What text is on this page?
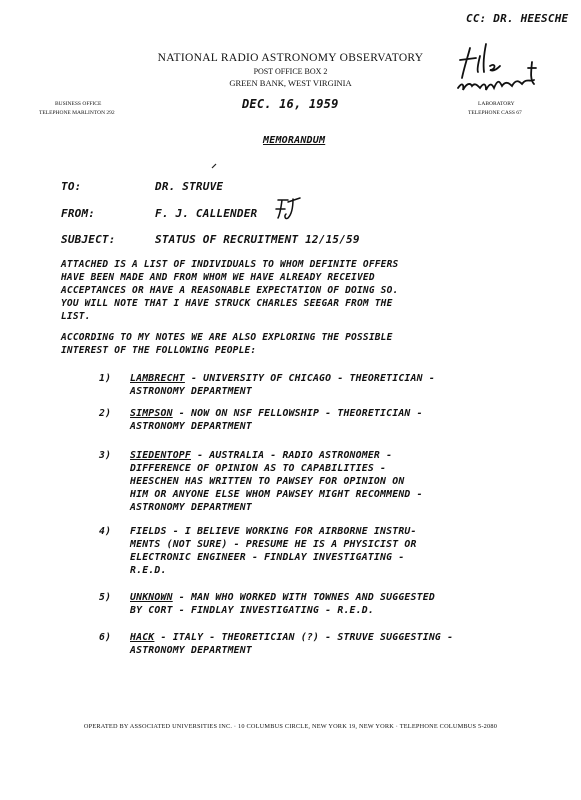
CC: DR. HEESCHE
NATIONAL RADIO ASTRONOMY OBSERVATORY
POST OFFICE BOX 2
GREEN BANK, WEST VIRGINIA
BUSINESS OFFICE
TELEPHONE MARLINTON 292
LABORATORY
TELEPHONE CASS 67
DEC. 16, 1959
MEMORANDUM
TO:	DR. STRUVE
FROM:	F. J. CALLENDER
SUBJECT:	STATUS OF RECRUITMENT 12/15/59
ATTACHED IS A LIST OF INDIVIDUALS TO WHOM DEFINITE OFFERS
HAVE BEEN MADE AND FROM WHOM WE HAVE ALREADY RECEIVED
ACCEPTANCES OR HAVE A REASONABLE EXPECTATION OF DOING SO.
YOU WILL NOTE THAT I HAVE STRUCK CHARLES SEEGAR FROM THE
LIST.
ACCORDING TO MY NOTES WE ARE ALSO EXPLORING THE POSSIBLE
INTEREST OF THE FOLLOWING PEOPLE:
1) LAMBRECHT - UNIVERSITY OF CHICAGO - THEORETICIAN -
ASTRONOMY DEPARTMENT
2) SIMPSON - NOW ON NSF FELLOWSHIP - THEORETICIAN -
ASTRONOMY DEPARTMENT
3) SIEDENTOPF - AUSTRALIA - RADIO ASTRONOMER -
DIFFERENCE OF OPINION AS TO CAPABILITIES -
HEESCHEN HAS WRITTEN TO PAWSEY FOR OPINION ON
HIM OR ANYONE ELSE WHOM PAWSEY MIGHT RECOMMEND -
ASTRONOMY DEPARTMENT
4) FIELDS - I BELIEVE WORKING FOR AIRBORNE INSTRU-
MENTS (NOT SURE) - PRESUME HE IS A PHYSICIST OR
ELECTRONIC ENGINEER - FINDLAY INVESTIGATING -
R.E.D.
5) UNKNOWN - MAN WHO WORKED WITH TOWNES AND SUGGESTED
BY CORT - FINDLAY INVESTIGATING - R.E.D.
6) HACK - ITALY - THEORETICIAN (?) - STRUVE SUGGESTING -
ASTRONOMY DEPARTMENT
OPERATED BY ASSOCIATED UNIVERSITIES INC. · 10 COLUMBUS CIRCLE, NEW YORK 19, NEW YORK · TELEPHONE COLUMBUS 5-2080
